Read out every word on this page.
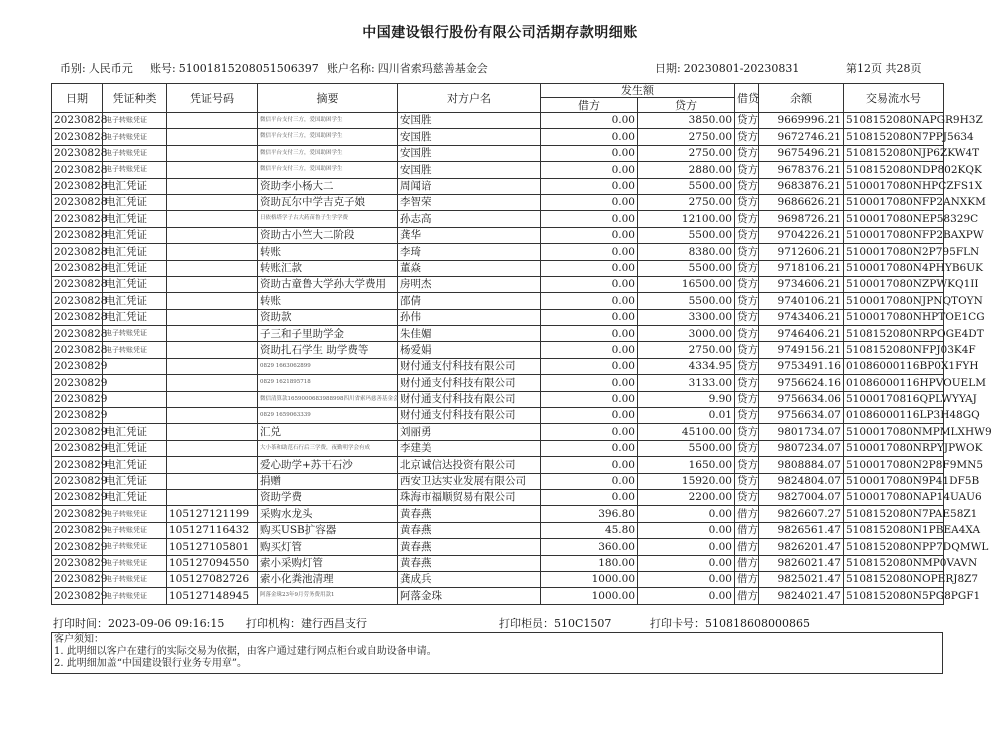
中国建设银行股份有限公司活期存款明细账
币别: 人民币元 账号: 51001815208051506397 账户名称: 四川省索玛慈善基金会	日期: 20230801-20230831	第12页 共28页
日期	凭证种类	凭证号码	摘要	对方户名	发生额		借贷	余额	交易流水号
					借方	贷方			
20230828	电子转账凭证		微信平台支付三方，爱国助困学生	安国胜	0.00	3850.00	贷方	9669996.21	5108152080NAPGR9H3Z
20230828	电子转账凭证		微信平台支付三方，爱国助困学生	安国胜	0.00	2750.00	贷方	9672746.21	5108152080N7PPJ5634
20230828	电子转账凭证		微信平台支付三方，爱国助困学生	安国胜	0.00	2750.00	贷方	9675496.21	5108152080NJP6ZKW4T
20230828	电子转账凭证		微信平台支付三方，爱国助困学生	安国胜	0.00	2880.00	贷方	9678376.21	5108152080NDP802KQK
20230828	电汇凭证		资助李小杨大二	周闻谙	0.00	5500.00	贷方	9683876.21	5100017080NHPCZFS1X
20230828	电汇凭证		资助瓦尔中学吉克子娘	李智荣	0.00	2750.00	贷方	9686626.21	5100017080NFP2ANXKM
20230828	电汇凭证		日依格塔学子古大药苗鲁子生学学费	孙志高	0.00	12100.00	贷方	9698726.21	5100017080NEP58329C
20230828	电汇凭证		资助古小竺大二阶段	龚华	0.00	5500.00	贷方	9704226.21	5100017080NFP2BAXPW
20230828	电汇凭证		转账	李琦	0.00	8380.00	贷方	9712606.21	5100017080N2P795FLN
20230828	电汇凭证		转账汇款	董焱	0.00	5500.00	贷方	9718106.21	5100017080N4PHYB6UK
20230828	电汇凭证		资助古童鲁大学孙大学费用	房明杰	0.00	16500.00	贷方	9734606.21	5100017080NZPWKQ1II
20230828	电汇凭证		转账	邵倩	0.00	5500.00	贷方	9740106.21	5100017080NJPNQTOYN
20230828	电汇凭证		资助款	孙伟	0.00	3300.00	贷方	9743406.21	5100017080NHPTOE1CG
20230828	电子转账凭证		子三和子里助学金	朱佳媚	0.00	3000.00	贷方	9746406.21	5108152080NRPOGE4DT
20230828	电子转账凭证		资助扎石学生 助学费等	杨爱娟	0.00	2750.00	贷方	9749156.21	5108152080NFPJ03K4F
20230829			0829 1663062899	财付通支付科技有限公司	0.00	4334.95	贷方	9753491.16	01086000116BP0X1FYH
20230829			0829 1621895718	财付通支付科技有限公司	0.00	3133.00	贷方	9756624.16	01086000116HPVOUELM
20230829			微信清算款1659000683988998四川省索玛慈善基金会	财付通支付科技有限公司	0.00	9.90	贷方	9756634.06	51000170816QPLWYYAJ
20230829			0829 1659063339	财付通支付科技有限公司	0.00	0.01	贷方	9756634.07	01086000116LP3H48GQ
20230829	电汇凭证		汇兑	刘丽勇	0.00	45100.00	贷方	9801734.07	5100017080NMPMLXHW9
20230829	电汇凭证		大小茶和助范石行后三学费，夜勤明学会有成	李建美	0.00	5500.00	贷方	9807234.07	5100017080NRPYJPWOK
20230829	电汇凭证		爱心助学+苏干石沙	北京诚信达投资有限公司	0.00	1650.00	贷方	9808884.07	5100017080N2P8F9MN5
20230829	电汇凭证		捐赠	西安卫达实业发展有限公司	0.00	15920.00	贷方	9824804.07	5100017080N9P41DF5B
20230829	电汇凭证		资助学费	珠海市福顺贸易有限公司	0.00	2200.00	贷方	9827004.07	5100017080NAP14UAU6
20230829	电子转账凭证	105127121199	采购水龙头	黄春燕	396.80	0.00	借方	9826607.27	5108152080N7PAE58Z1
20230829	电子转账凭证	105127116432	购买USB扩容器	黄春燕	45.80	0.00	借方	9826561.47	5108152080N1PBEA4XA
20230829	电子转账凭证	105127105801	购买灯管	黄春燕	360.00	0.00	借方	9826201.47	5108152080NPP7DQMWL
20230829	电子转账凭证	105127094550	索小采购灯管	黄春燕	180.00	0.00	借方	9826021.47	5108152080NMP0VAVN
20230829	电子转账凭证	105127082726	索小化粪池清理	龚成兵	1000.00	0.00	借方	9825021.47	5108152080NOPERJ8Z7
20230829	电子转账凭证	105127148945	阿落金珠23年9月劳务费用款1	阿落金珠	1000.00	0.00	借方	9824021.47	5108152080N5PG8PGF1
打印时间：2023-09-06 09:16:15 打印机构：建行西昌支行	打印柜员：510C1507	打印卡号：510818608000865
客户须知：
1. 此明细以客户在建行的实际交易为依据，由客户通过建行网点柜台或自助设备申请。
2. 此明细加盖“中国建设银行业务专用章”。
